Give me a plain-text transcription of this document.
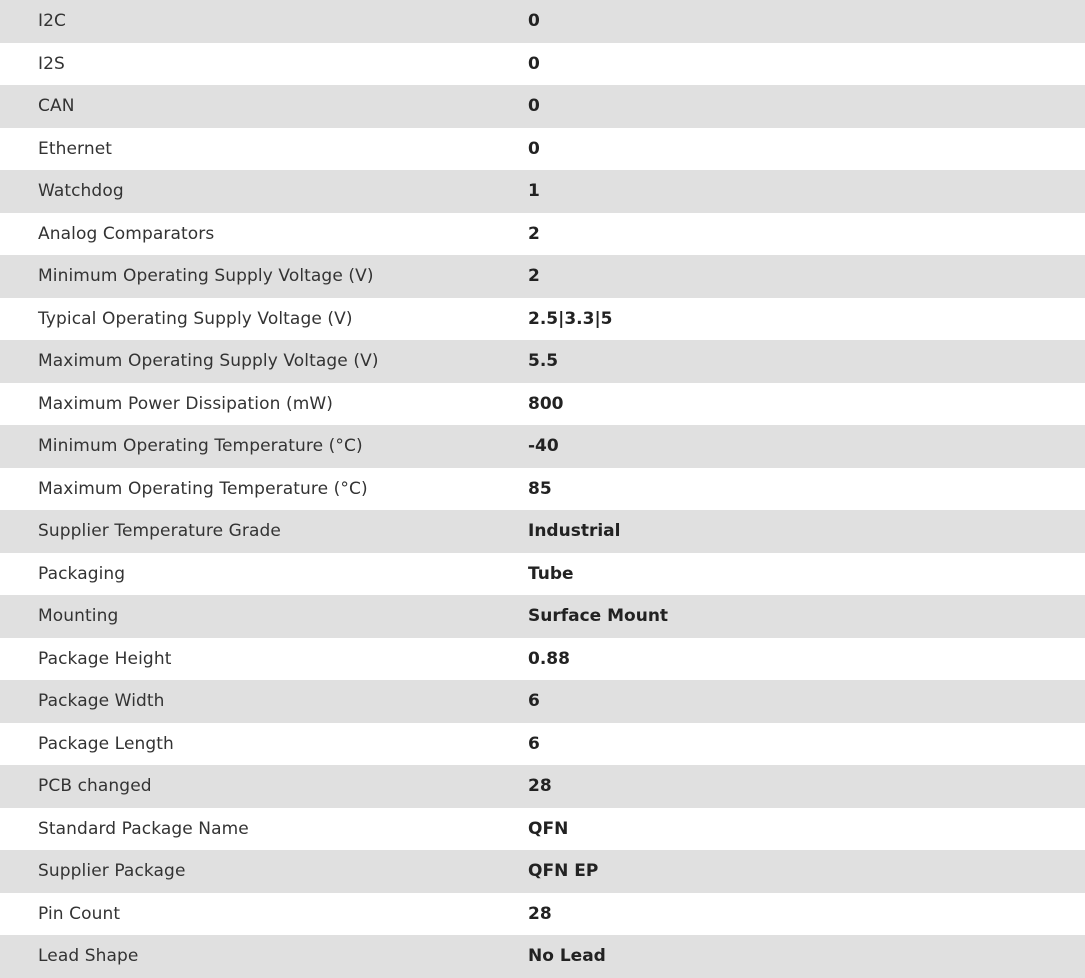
I2C	0
I2S	0
CAN	0
Ethernet	0
Watchdog	1
Analog Comparators	2
Minimum Operating Supply Voltage (V)	2
Typical Operating Supply Voltage (V)	2.5|3.3|5
Maximum Operating Supply Voltage (V)	5.5
Maximum Power Dissipation (mW)	800
Minimum Operating Temperature (°C)	-40
Maximum Operating Temperature (°C)	85
Supplier Temperature Grade	Industrial
Packaging	Tube
Mounting	Surface Mount
Package Height	0.88
Package Width	6
Package Length	6
PCB changed	28
Standard Package Name	QFN
Supplier Package	QFN EP
Pin Count	28
Lead Shape	No Lead
